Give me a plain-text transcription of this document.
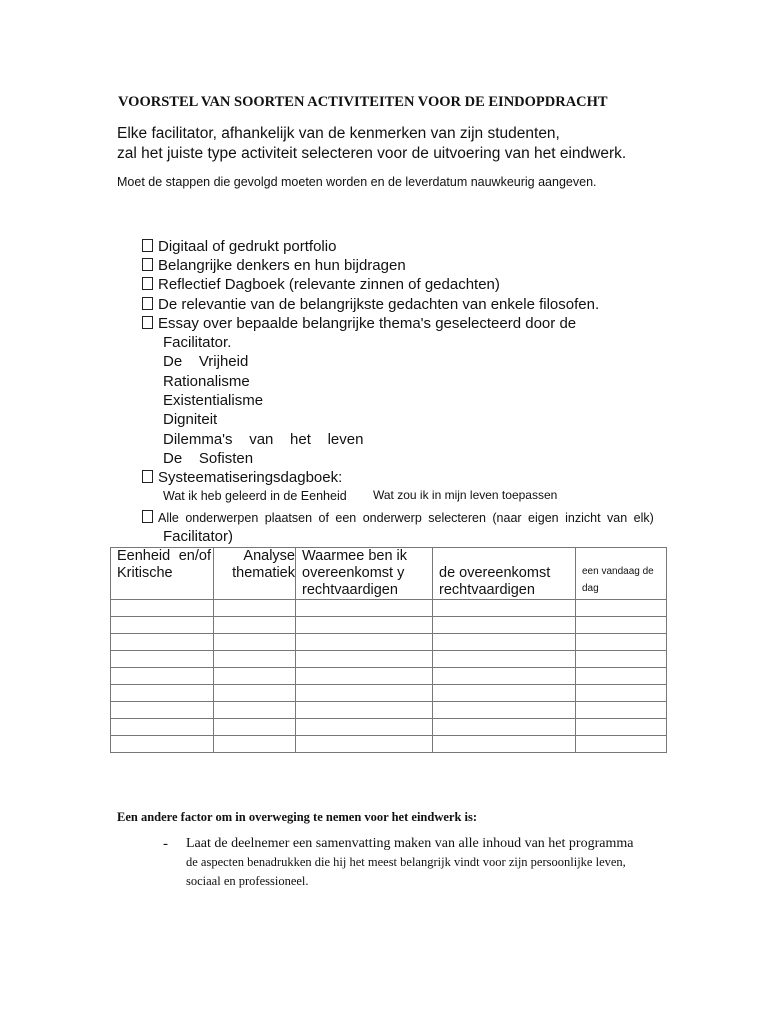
VOORSTEL VAN SOORTEN ACTIVITEITEN VOOR DE EINDOPDRACHT
Elke facilitator, afhankelijk van de kenmerken van zijn studenten,
zal het juiste type activiteit selecteren voor de uitvoering van het eindwerk.
Moet de stappen die gevolgd moeten worden en de leverdatum nauwkeurig aangeven.
Digitaal of gedrukt portfolio
Belangrijke denkers en hun bijdragen
Reflectief Dagboek (relevante zinnen of gedachten)
De relevantie van de belangrijkste gedachten van enkele filosofen.
Essay over bepaalde belangrijke thema's geselecteerd door de
Facilitator.
De    Vrijheid
Rationalisme
Existentialisme
Digniteit
Dilemma's    van    het    leven
De    Sofisten
Systeematiseringsdagboek:
Wat ik heb geleerd in de Eenheid Wat zou ik in mijn leven toepassen
Alle onderwerpen plaatsen of een onderwerp selecteren (naar eigen inzicht van elk)
Facilitator)
Eenheid en/of Kritische	Analyse thematiek	Waarmee ben ik overeenkomst y rechtvaardigen	de overeenkomst rechtvaardigen	een vandaag de dag

Een andere factor om in overweging te nemen voor het eindwerk is:
- Laat de deelnemer een samenvatting maken van alle inhoud van het programma
de aspecten benadrukken die hij het meest belangrijk vindt voor zijn persoonlijke leven,
sociaal en professioneel.
